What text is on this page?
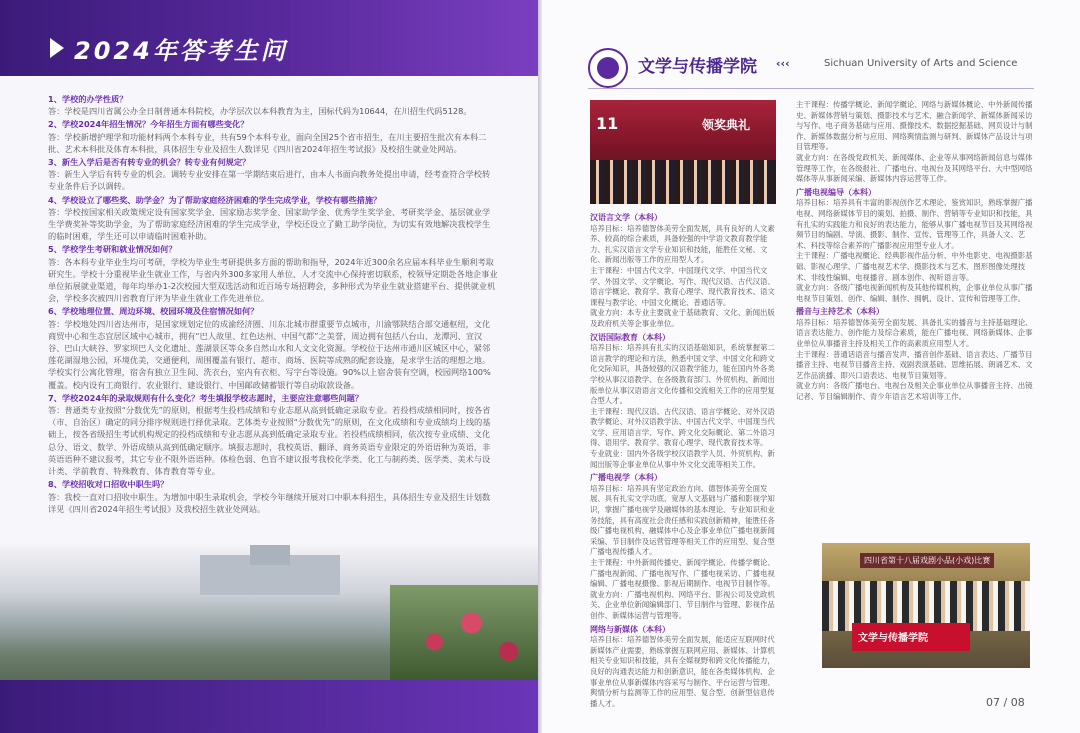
2024年答考生问
1、学校的办学性质？
答：学校是四川省属公办全日制普通本科院校，办学层次以本科教育为主，国标代码为10644，在川招生代码5128。
2、学校2024年招生情况？今年招生方面有哪些变化？
答：学校新增护理学和功能材料两个本科专业，共有59个本科专业，面向全国25个省市招生，在川主要招生批次有本科二批、艺术本科批及体育本科批，具体招生专业及招生人数详见《四川省2024年招生考试报》及校招生就业处网站。
3、新生入学后是否有转专业的机会？转专业有何规定？
答：新生入学后有转专业的机会。调转专业安排在第一学期结束后进行，由本人书面向教务处提出申请，经考查符合学校转专业条件后予以调转。
4、学校设立了哪些奖、助学金？为了帮助家庭经济困难的学生完成学业，学校有哪些措施？
答：学校按国家相关政策规定设有国家奖学金、国家励志奖学金、国家助学金、优秀学生奖学金、考研奖学金、基层就业学生学费奖补等奖助学金，为了帮助家庭经济困难的学生完成学业，学校还设立了勤工助学岗位，为切实有效地解决我校学生的临时困难，学生还可以申请临时困难补助。
5、学校学生考研和就业情况如何？
答：各本科专业毕业生均可考研，学校为毕业生考研提供多方面的帮助和指导，2024年近300余名应届本科毕业生顺利考取研究生。学校十分重视毕业生就业工作，与省内外300多家用人单位、人才交流中心保持密切联系，校领导定期赴各地企事业单位拓展就业渠道，每年均举办1-2次校园大型双选活动和近百场专场招聘会，多种形式为毕业生就业搭建平台、提供就业机会，学校多次被四川省教育厅评为毕业生就业工作先进单位。
6、学校地理位置、周边环境、校园环境及住宿情况如何？
答：学校地处四川省达州市，是国家规划定位的成渝经济圈、川东北城市群重要节点城市，川渝鄂陕结合部交通枢纽，文化商贸中心和生态宜居区域中心城市，拥有“巴人故里、红色达州、中国气都”之美誉，周边拥有包括八台山、龙潭河、宣汉谷、巴山大峡谷、罗家坝巴人文化遗址、莲湖景区等众多自然山水和人文文化资源。学校位于达州市通川区城区中心，紧邻莲花湖湿地公园，环境优美，交通便利，周围覆盖有银行、超市、商场、医院等成熟的配套设施，是求学生活的理想之地。学校实行公寓化管理，宿舍有独立卫生间、洗衣台，室内有衣柜、写字台等设施。90%以上宿舍装有空调，校园网络100%覆盖。校内设有工商银行、农业银行、建设银行、中国邮政储蓄银行等自动取款设备。
7、学校2024年的录取规则有什么变化？考生填报学校志愿时，主要应注意哪些问题？
答：普通类专业按照“分数优先”的原则，根据考生投档成绩和专业志愿从高到低确定录取专业。若投档成绩相同时，按各省（市、自治区）确定的同分排序规则进行择优录取。艺体类专业按照“分数优先”的原则，在文化成绩和专业成绩均上线的基础上，按各省级招生考试机构规定的投档成绩和专业志愿从高到低确定录取专业。若投档成绩相同，依次按专业成绩、文化总分、语文、数学、外语成绩从高到低确定顺序。填报志愿时，我校英语、翻译、商务英语专业限定的外语语种为英语，非英语语种不建议报考，其它专业不限外语语种。体检色弱、色盲不建议报考我校化学类、化工与制药类、医学类、美术与设计类、学前教育、特殊教育、体育教育等专业。
8、学校招收对口招收中职生吗？
答：我校一直对口招收中职生。为增加中职生录取机会，学校今年继续开展对口中职本科招生，具体招生专业及招生计划数详见《四川省2024年招生考试报》及我校招生就业处网站。
文学与传播学院 ‹‹‹	Sichuan University of Arts and Science
11	领奖典礼
汉语言文学（本科）
培养目标：培养德智体美劳全面发展，具有良好的人文素养、较高的综合素质，具备较强的中学语文教育教学能力、扎实汉语言文学专业知识和技能，能胜任文秘、文化、新闻出版等工作的应用型人才。
主干课程：中国古代文学、中国现代文学、中国当代文学、外国文学、文学概论、写作、现代汉语、古代汉语、语言学概论、教育学、教育心理学、现代教育技术、语文课程与教学论、中国文化概论、普通话等。
就业方向：本专业主要就业于基础教育、文化、新闻出版及政府机关等企事业单位。
汉语国际教育（本科）
培养目标：培养具有扎实的汉语基础知识，系统掌握第二语言教学的理论和方法，熟悉中国文学、中国文化和跨文化交际知识，具备较强的汉语教学能力，能在国内外各类学校从事汉语教学、在各级教育部门、外贸机构、新闻出版单位从事汉语语言文化传播和交流相关工作的应用型复合型人才。
主干课程：现代汉语、古代汉语、语言学概论、对外汉语教学概论、对外汉语教学法、中国古代文学、中国现当代文学、应用语言学、写作、跨文化交际概论、第二外语习得、语用学、教育学、教育心理学、现代教育技术等。
专业就业：国内外各级学校汉语教学人员、外贸机构、新闻出版等企事业单位从事中外文化交流等相关工作。
广播电视学（本科）
培养目标：培养具有坚定政治方向、德智体美劳全面发展、具有扎实文学功底、宽厚人文基础与广播和影视学知识，掌握广播电视学及融媒体的基本理论、专业知识和业务技能，具有高度社会责任感和实践创新精神，能胜任各级广播电视机构、融媒体中心及企事业单位广播电视新闻采编、节目制作及运营管理等相关工作的应用型、复合型广播电视传播人才。
主干课程：中外新闻传播史、新闻学概论、传播学概论、广播电视新闻、广播电视写作、广播电视采访、广播电视编辑、广播电视摄像、影视后期制作、电视节目制作等。
就业方向：广播电视机构、网络平台、影视公司及党政机关、企业单位新闻编辑部门、节目制作与管理、影视作品创作、新媒体运营与管理等。
网络与新媒体（本科）
培养目标：培养德智体美劳全面发展，能适应互联网时代新媒体产业需要，熟练掌握互联网应用、新媒体、计算机相关专业知识和技能，具有全媒视野和跨文化传播能力，良好的沟通表达能力和创新意识，能在各类媒体机构、企事业单位从事新媒体内容采写与制作、平台运营与管理、舆情分析与监测等工作的应用型、复合型、创新型信息传播人才。
主干课程：传播学概论、新闻学概论、网络与新媒体概论、中外新闻传播史、新媒体营销与策划、摄影技术与艺术、融合新闻学、新媒体新闻采访与写作、电子商务基础与应用、摄像技术、数据挖掘基础、网页设计与制作、新媒体数据分析与应用、网络舆情监测与研判、新媒体产品设计与项目管理等。
就业方向：在各级党政机关、新闻媒体、企业等从事网络新闻信息与媒体管理等工作，在各级报社、广播电台、电视台及其网络平台、大中型网络媒体等从事新闻采编、新媒体内容运营等工作。
广播电视编导（本科）
培养目标：培养具有丰富的影视创作艺术理论、鉴赏知识，熟练掌握广播电视、网络新媒体节目的策划、拍摄、制作、营销等专业知识和技能，具有扎实的实践能力和良好的表达能力，能够从事广播电视节目及其网络视频节目的编剧、导演、摄影、制作、宣传、管理等工作，具备人文、艺术、科技等综合素养的广播影视应用型专业人才。
主干课程：广播电视概论、经典影视作品分析、中外电影史、电视摄影基础、影视心理学、广播电视艺术学、摄影技术与艺术、图形图像处理技术、非线性编辑、电视播音、剧本创作、视听语言等。
就业方向：各级广播电视新闻机构及其他传媒机构，企事业单位从事广播电视节目策划、创作、编辑、制作、拥帆、设计、宣传和管理等工作。
播音与主持艺术（本科）
培养目标：培养德智体美劳全面发展、具备扎实的播音与主持基础理论、语言表达能力、创作能力及综合素质，能在广播电视、网络新媒体、企事业单位从事播音主持及相关工作的高素质应用型人才。
主干课程：普通话语音与播音发声、播音创作基础、语言表达、广播节目播音主持、电视节目播音主持、戏剧表演基础、思维拓展、朗诵艺术、文艺作品演播、即兴口语表达、电视节目策划等。
就业方向：各级广播电台、电视台及相关企事业单位从事播音主持、出镜记者、节目编辑制作、青少年语言艺术培训等工作。
四川省第十八届戏剧小品(小戏)比赛
文学与传播学院
07 / 08
